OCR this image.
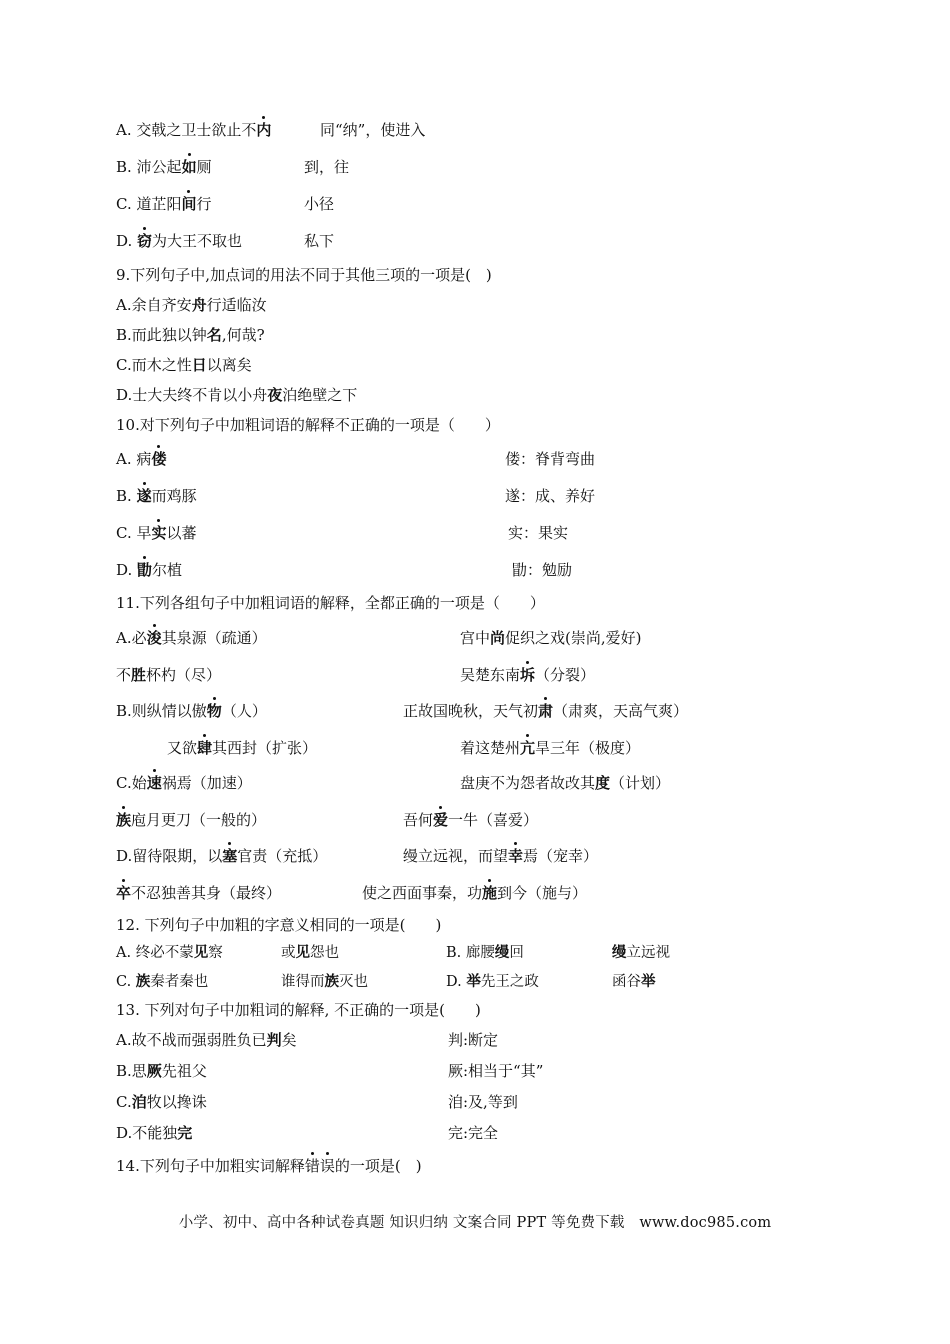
A. 交戟之卫士欲止不内	同“纳”，使进入
B. 沛公起如厕	到，往
C. 道芷阳间行	小径
D. 窃为大王不取也	私下
9.下列句子中,加点词的用法不同于其他三项的一项是( )
A.余自齐安舟行适临汝
B.而此独以钟名,何哉?
C.而木之性日以离矣
D.士大夫终不肯以小舟夜泊绝壁之下
10.对下列句子中加粗词语的解释不正确的一项是（　　）
A. 病偻	偻：脊背弯曲
B. 遂而鸡豚	遂：成、养好
C. 早实以蕃	实：果实
D. 勖尔植	勖：勉励
11.下列各组句子中加粗词语的解释，全都正确的一项是（　　）
A.必浚其泉源（疏通）	宫中尚促织之戏(崇尚,爱好)
不胜杯杓（尽）	吴楚东南坼（分裂）
B.则纵情以傲物（人）	正故国晚秋，天气初肃（肃爽，天高气爽）
又欲肆其西封（扩张）	着这楚州亢旱三年（极度）
C.始速祸焉（加速）	盘庚不为怨者故改其度（计划）
族庖月更刀（一般的）	吾何爱一牛（喜爱）
D.留待限期，以塞官责（充抵）	缦立远视，而望幸焉（宠幸）
卒不忍独善其身（最终）	使之西面事秦，功施到今（施与）
12. 下列句子中加粗的字意义相同的一项是(　　)
A. 终必不蒙见察	或见怨也	B. 廊腰缦回	缦立远视
C. 族秦者秦也	谁得而族灭也	D. 举先王之政	函谷举
13. 下列对句子中加粗词的解释, 不正确的一项是(　　)
A.故不战而强弱胜负已判矣	判:断定
B.思厥先祖父	厥:相当于“其”
C.洎牧以搀诛	洎:及,等到
D.不能独完	完:完全
14.下列句子中加粗实词解释错误的一项是( )
小学、初中、高中各种试卷真题 知识归纳 文案合同 PPT 等免费下载　www.doc985.com
